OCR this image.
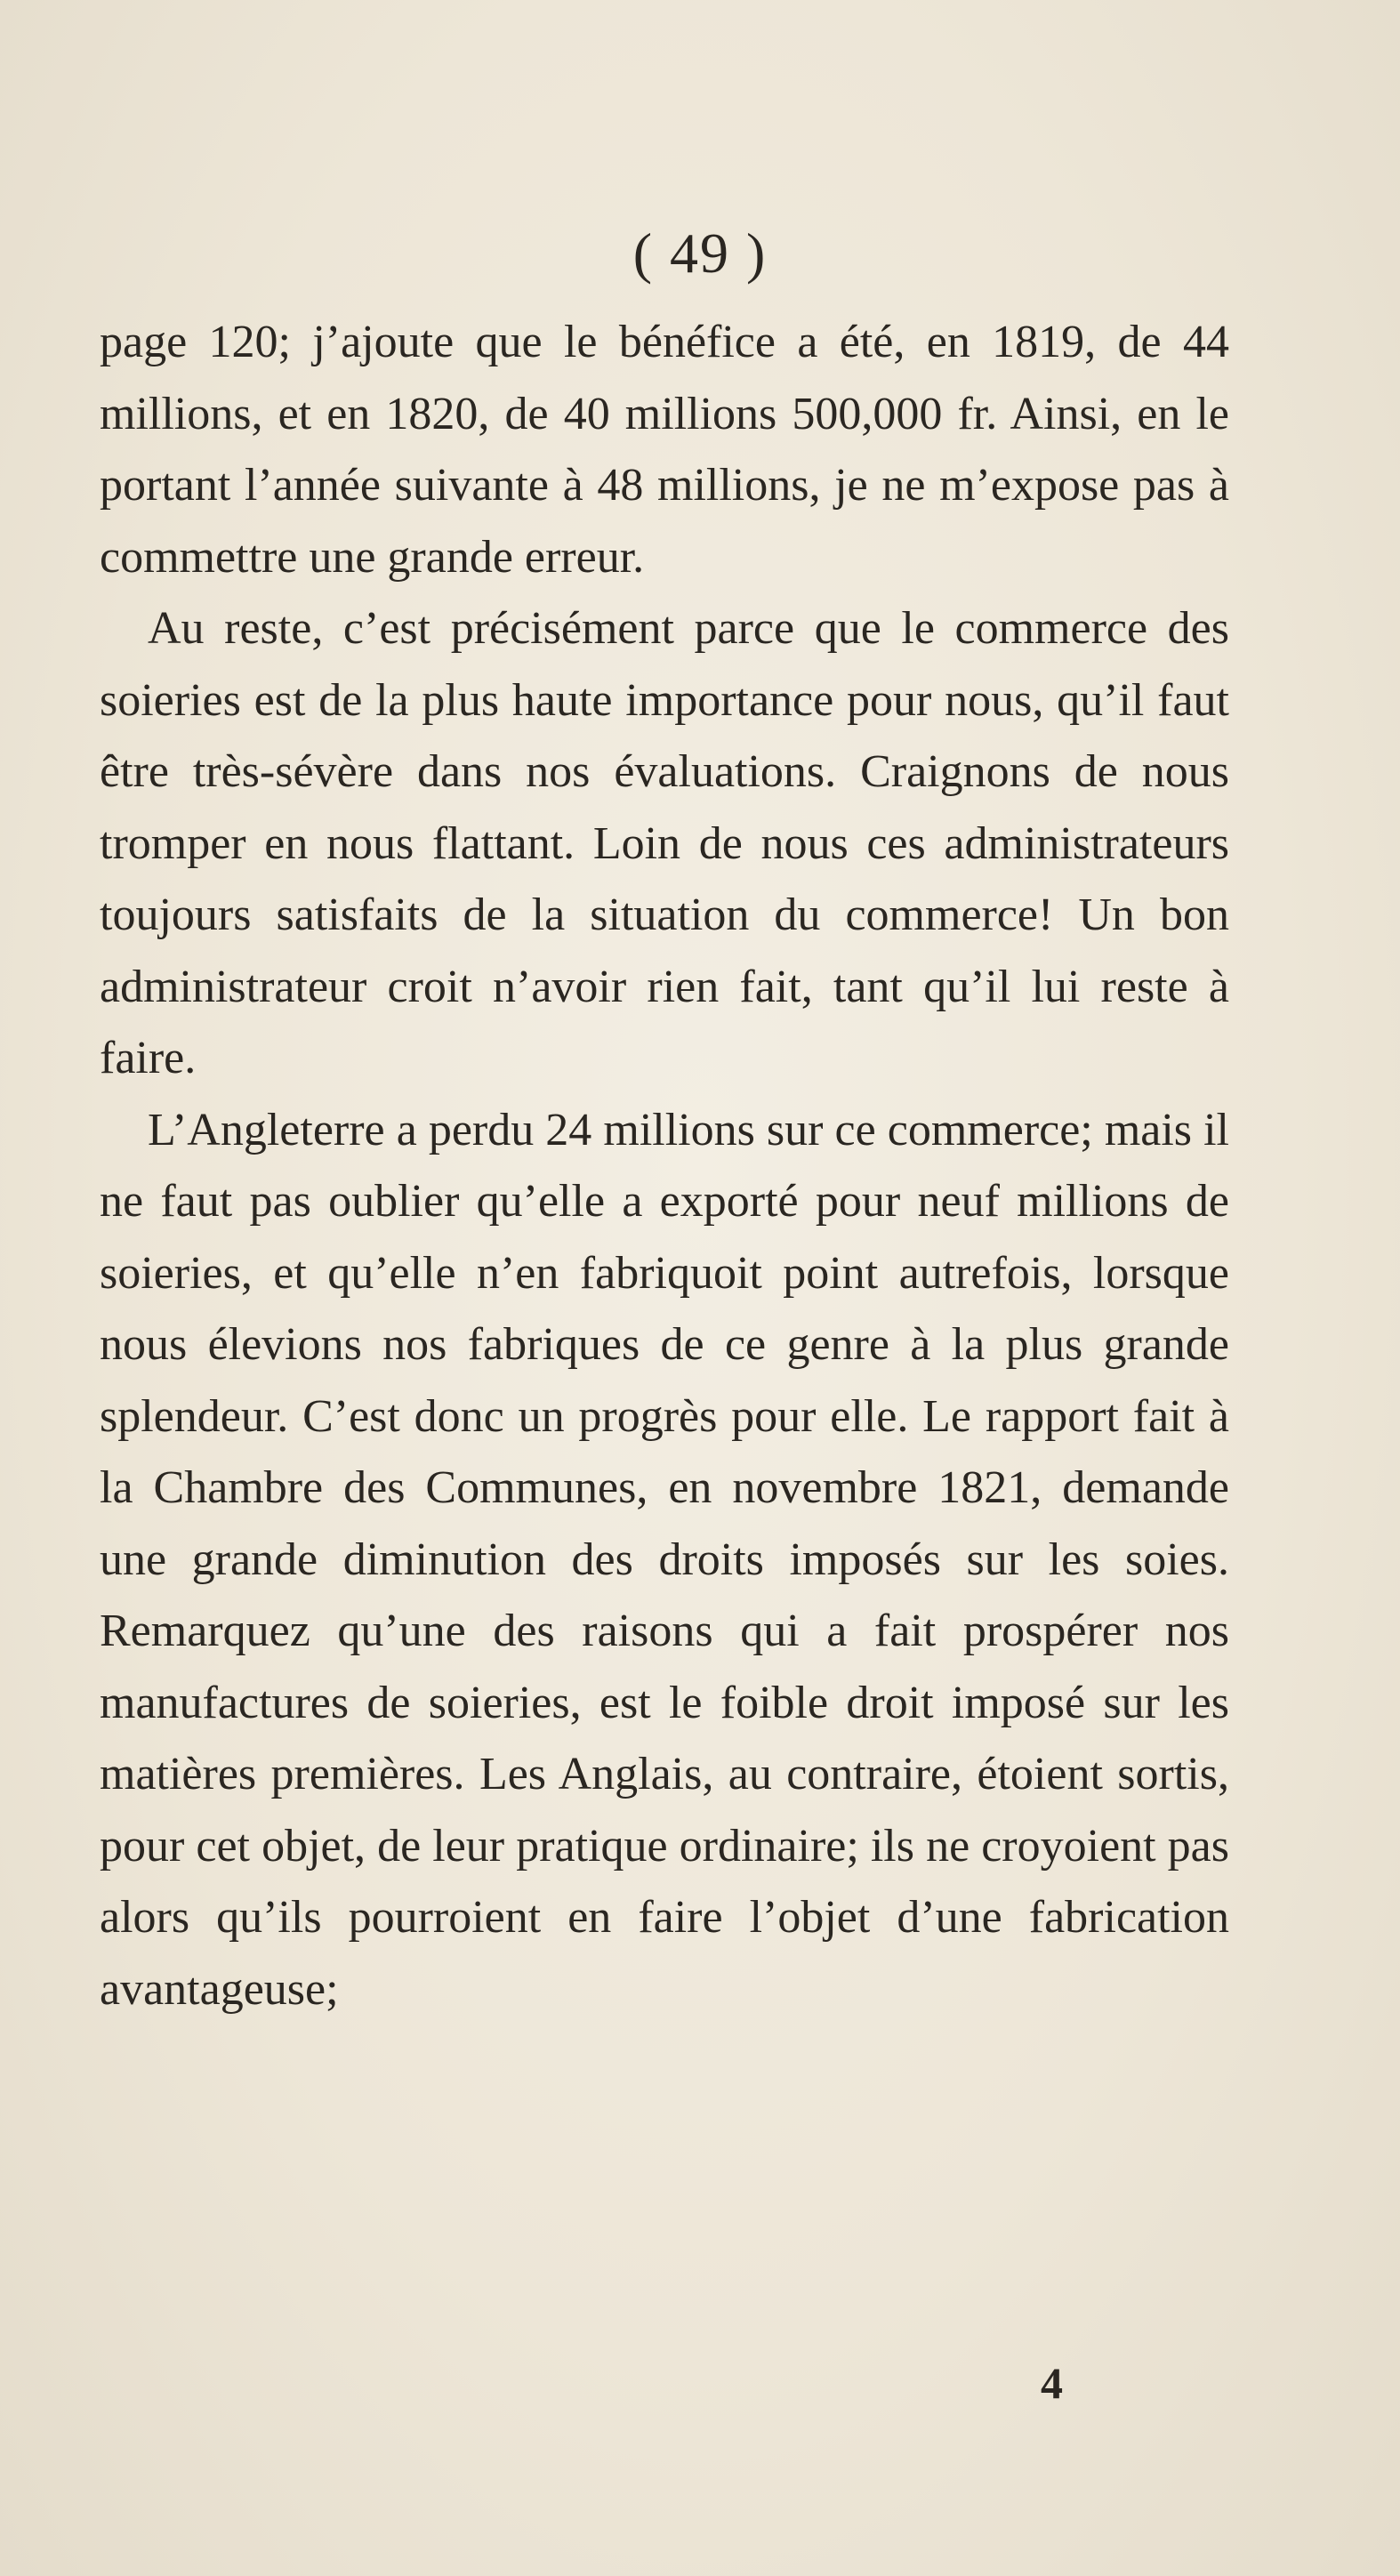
( 49 )

page 120; j’ajoute que le bénéfice a été, en 1819, de 44 millions, et en 1820, de 40 millions 500,000 fr. Ainsi, en le portant l’année suivante à 48 millions, je ne m’expose pas à commettre une grande erreur.

Au reste, c’est précisément parce que le commerce des soieries est de la plus haute importance pour nous, qu’il faut être très-sévère dans nos évaluations. Craignons de nous tromper en nous flattant. Loin de nous ces administrateurs toujours satisfaits de la situation du commerce! Un bon administrateur croit n’avoir rien fait, tant qu’il lui reste à faire.

L’Angleterre a perdu 24 millions sur ce commerce; mais il ne faut pas oublier qu’elle a exporté pour neuf millions de soieries, et qu’elle n’en fabriquoit point autrefois, lorsque nous élevions nos fabriques de ce genre à la plus grande splendeur. C’est donc un progrès pour elle. Le rapport fait à la Chambre des Communes, en novembre 1821, demande une grande diminution des droits imposés sur les soies. Remarquez qu’une des raisons qui a fait prospérer nos manufactures de soieries, est le foible droit imposé sur les matières premières. Les Anglais, au contraire, étoient sortis, pour cet objet, de leur pratique ordinaire; ils ne croyoient pas alors qu’ils pourroient en faire l’objet d’une fabrication avantageuse;

4
